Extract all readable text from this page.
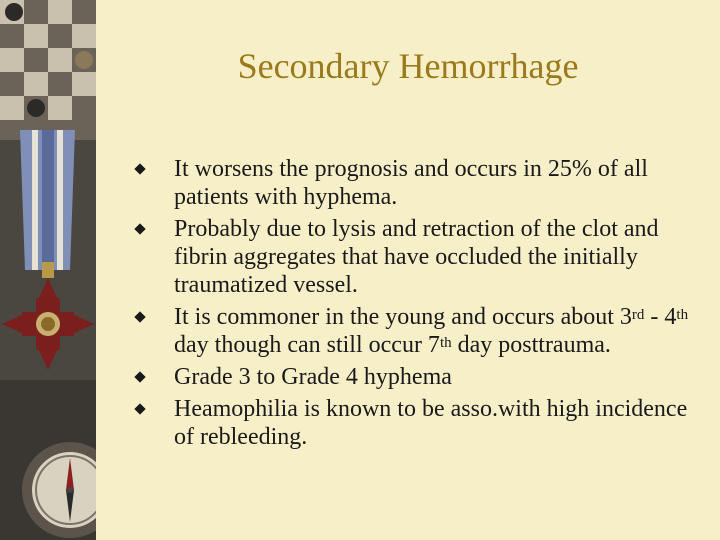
Secondary Hemorrhage
It worsens the prognosis and occurs in 25% of all patients with hyphema.
Probably due to lysis and retraction of the clot and fibrin aggregates that have occluded the initially traumatized vessel.
It is commoner in the young and occurs about 3rd - 4th day though can still occur 7th day posttrauma.
Grade 3 to Grade 4 hyphema
Heamophilia is known to be asso.with high incidence of rebleeding.
